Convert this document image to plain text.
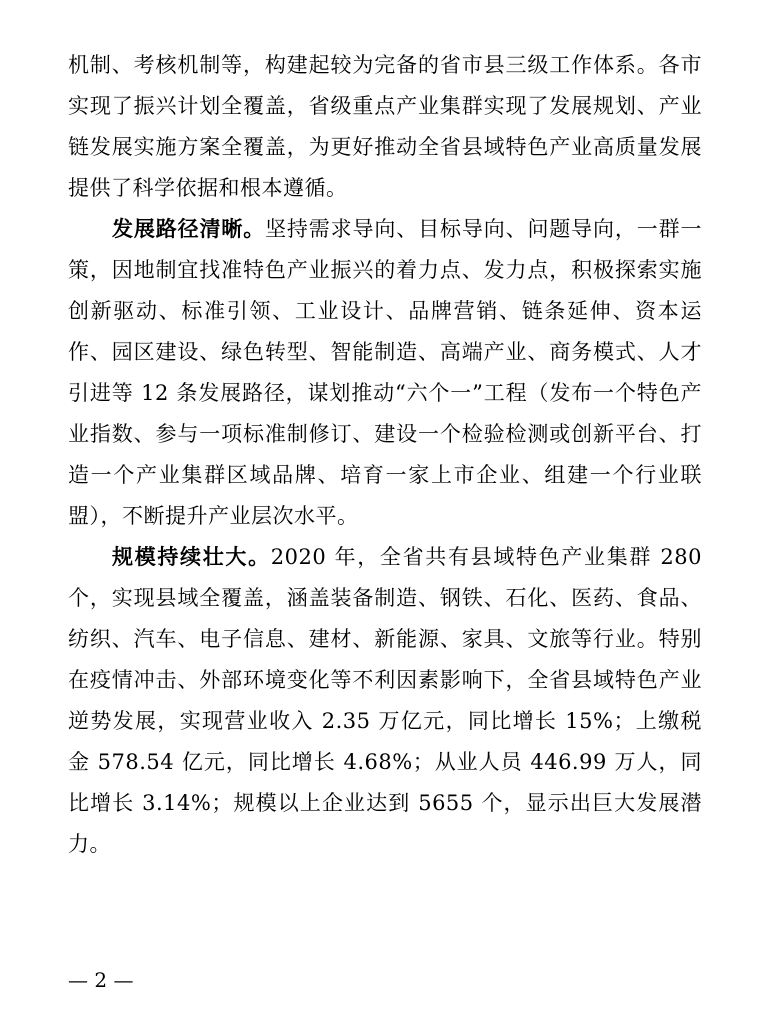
机制、考核机制等，构建起较为完备的省市县三级工作体系。各市实现了振兴计划全覆盖，省级重点产业集群实现了发展规划、产业链发展实施方案全覆盖，为更好推动全省县域特色产业高质量发展提供了科学依据和根本遵循。

发展路径清晰。坚持需求导向、目标导向、问题导向，一群一策，因地制宜找准特色产业振兴的着力点、发力点，积极探索实施创新驱动、标准引领、工业设计、品牌营销、链条延伸、资本运作、园区建设、绿色转型、智能制造、高端产业、商务模式、人才引进等 12 条发展路径，谋划推动“六个一”工程（发布一个特色产业指数、参与一项标准制修订、建设一个检验检测或创新平台、打造一个产业集群区域品牌、培育一家上市企业、组建一个行业联盟），不断提升产业层次水平。

规模持续壮大。2020 年，全省共有县域特色产业集群 280 个，实现县域全覆盖，涵盖装备制造、钢铁、石化、医药、食品、纺织、汽车、电子信息、建材、新能源、家具、文旅等行业。特别在疫情冲击、外部环境变化等不利因素影响下，全省县域特色产业逆势发展，实现营业收入 2.35 万亿元，同比增长 15%；上缴税金 578.54 亿元，同比增长 4.68%；从业人员 446.99 万人，同比增长 3.14%；规模以上企业达到 5655 个，显示出巨大发展潜力。

— 2 —
